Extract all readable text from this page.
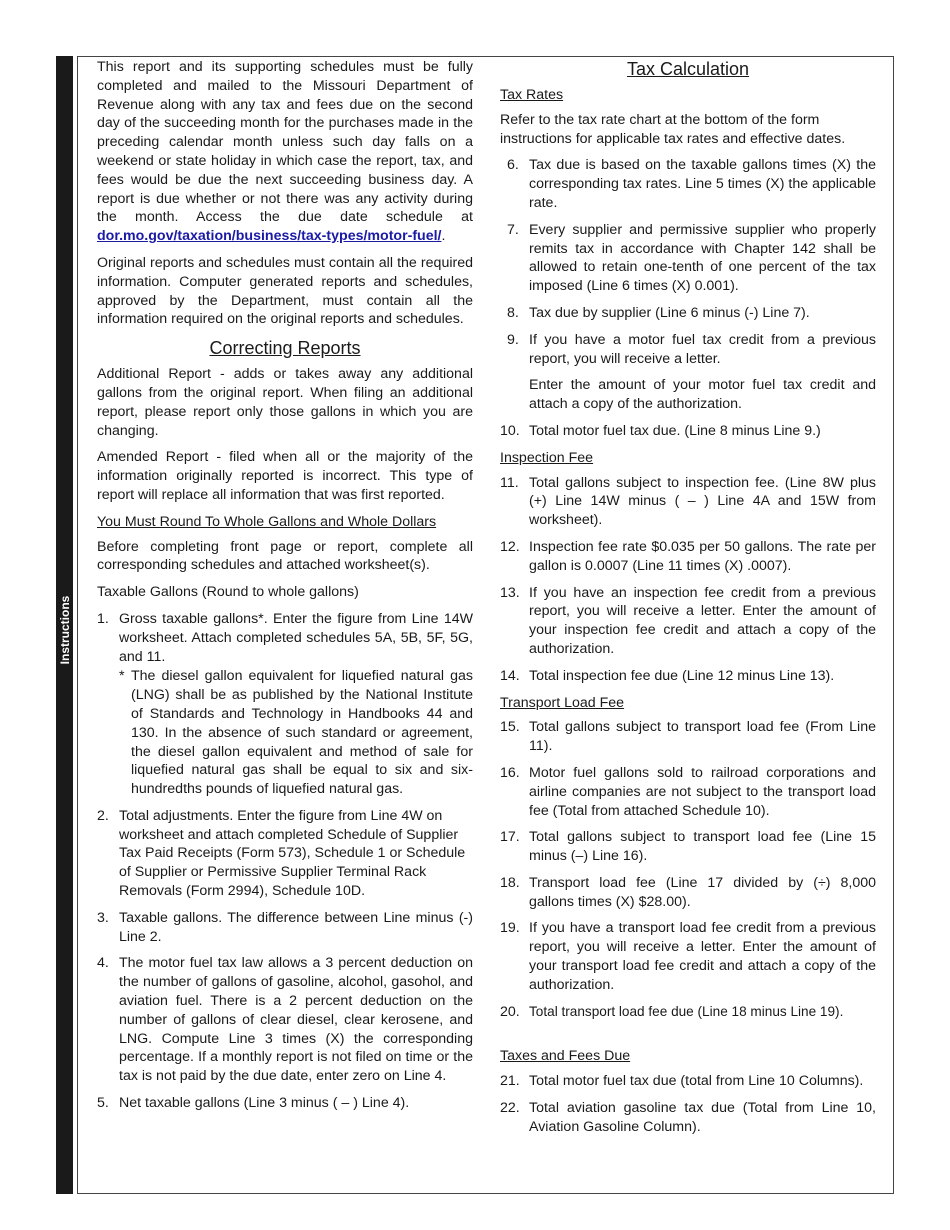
Instructions

This report and its supporting schedules must be fully completed and mailed to the Missouri Department of Revenue along with any tax and fees due on the second day of the succeeding month for the purchases made in the preceding calendar month unless such day falls on a weekend or state holiday in which case the report, tax, and fees would be due the next succeeding business day. A report is due whether or not there was any activity during the month. Access the due date schedule at dor.mo.gov/taxation/business/tax-types/motor-fuel/.

Original reports and schedules must contain all the required information. Computer generated reports and schedules, approved by the Department, must contain all the information required on the original reports and schedules.

Correcting Reports

Additional Report - adds or takes away any additional gallons from the original report. When filing an additional report, please report only those gallons in which you are changing.

Amended Report - filed when all or the majority of the information originally reported is incorrect. This type of report will replace all information that was first reported.

You Must Round To Whole Gallons and Whole Dollars

Before completing front page or report, complete all corresponding schedules and attached worksheet(s).

Taxable Gallons (Round to whole gallons)

1. Gross taxable gallons*. Enter the figure from Line 14W worksheet. Attach completed schedules 5A, 5B, 5F, 5G, and 11.
* The diesel gallon equivalent for liquefied natural gas (LNG) shall be as published by the National Institute of Standards and Technology in Handbooks 44 and 130. In the absence of such standard or agreement, the diesel gallon equivalent and method of sale for liquefied natural gas shall be equal to six and six-hundredths pounds of liquefied natural gas.
2. Total adjustments. Enter the figure from Line 4W on worksheet and attach completed Schedule of Supplier Tax Paid Receipts (Form 573), Schedule 1 or Schedule of Supplier or Permissive Supplier Terminal Rack Removals (Form 2994), Schedule 10D.
3. Taxable gallons. The difference between Line minus (-) Line 2.
4. The motor fuel tax law allows a 3 percent deduction on the number of gallons of gasoline, alcohol, gasohol, and aviation fuel. There is a 2 percent deduction on the number of gallons of clear diesel, clear kerosene, and LNG. Compute Line 3 times (X) the corresponding percentage. If a monthly report is not filed on time or the tax is not paid by the due date, enter zero on Line 4.
5. Net taxable gallons (Line 3 minus ( – ) Line 4).
Tax Calculation

Tax Rates

Refer to the tax rate chart at the bottom of the form instructions for applicable tax rates and effective dates.

6. Tax due is based on the taxable gallons times (X) the corresponding tax rates. Line 5 times (X) the applicable rate.
7. Every supplier and permissive supplier who properly remits tax in accordance with Chapter 142 shall be allowed to retain one-tenth of one percent of the tax imposed (Line 6 times (X) 0.001).
8. Tax due by supplier (Line 6 minus (-) Line 7).
9. If you have a motor fuel tax credit from a previous report, you will receive a letter.
Enter the amount of your motor fuel tax credit and attach a copy of the authorization.
10. Total motor fuel tax due. (Line 8 minus Line 9.)

Inspection Fee

11. Total gallons subject to inspection fee. (Line 8W plus (+) Line 14W minus ( – ) Line 4A and 15W from worksheet).
12. Inspection fee rate $0.035 per 50 gallons. The rate per gallon is 0.0007 (Line 11 times (X) .0007).
13. If you have an inspection fee credit from a previous report, you will receive a letter. Enter the amount of your inspection fee credit and attach a copy of the authorization.
14. Total inspection fee due (Line 12 minus Line 13).

Transport Load Fee

15. Total gallons subject to transport load fee (From Line 11).
16. Motor fuel gallons sold to railroad corporations and airline companies are not subject to the transport load fee (Total from attached Schedule 10).
17. Total gallons subject to transport load fee (Line 15 minus (–) Line 16).
18. Transport load fee (Line 17 divided by (÷) 8,000 gallons times (X) $28.00).
19. If you have a transport load fee credit from a previous report, you will receive a letter. Enter the amount of your transport load fee credit and attach a copy of the authorization.
20. Total transport load fee due (Line 18 minus Line 19).

Taxes and Fees Due

21. Total motor fuel tax due (total from Line 10 Columns).
22. Total aviation gasoline tax due (Total from Line 10, Aviation Gasoline Column).
